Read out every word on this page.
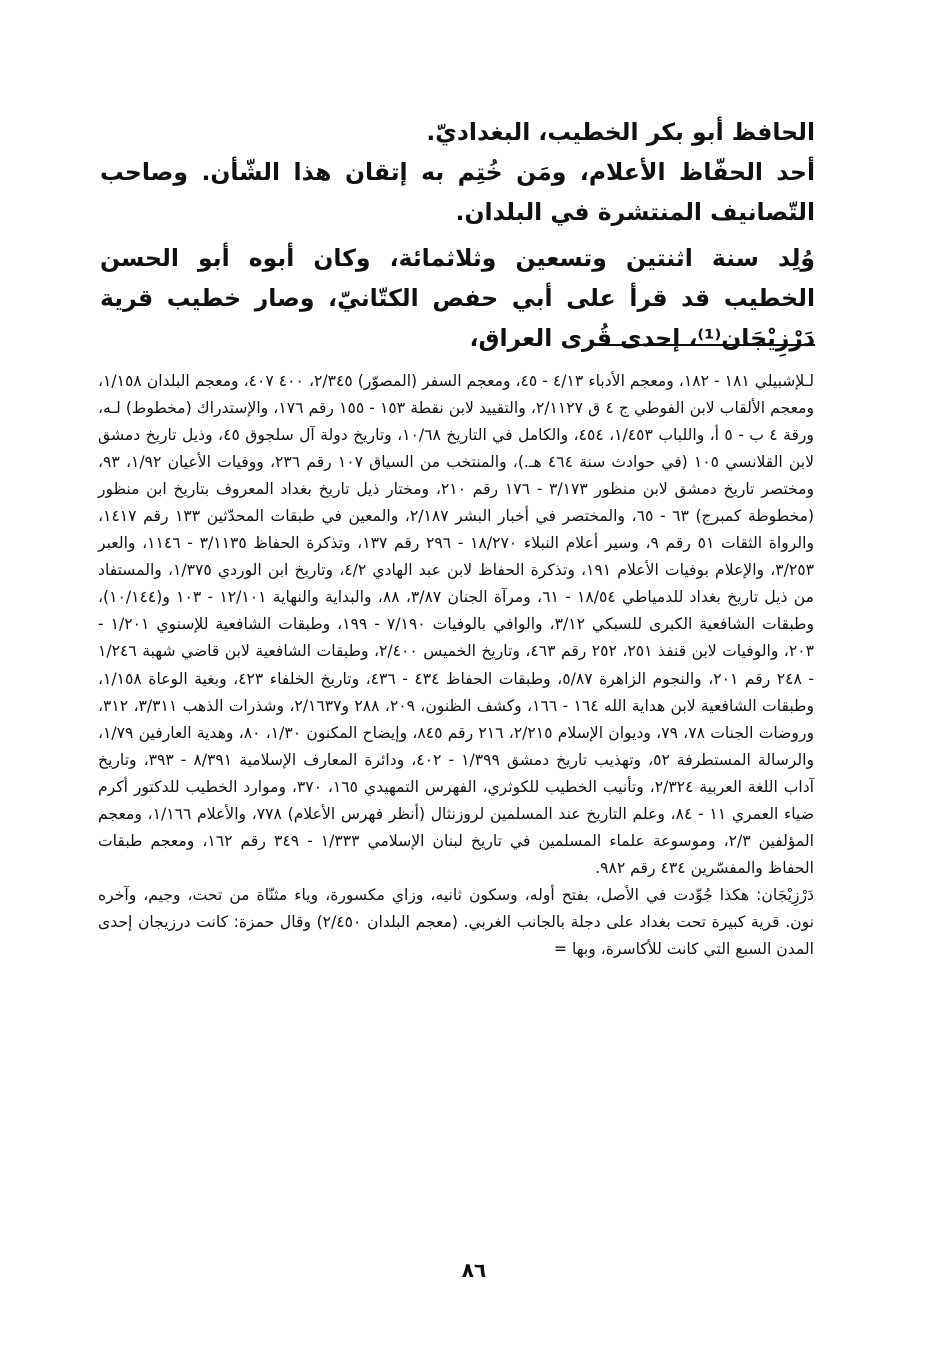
الحافظ أبو بكر الخطيب، البغداديّ.

أحد الحفّاظ الأعلام، ومَن خُتِم به إتقان هذا الشّأن. وصاحب التّصانيف المنتشرة في البلدان.

وُلِد سنة اثنتين وتسعين وثلاثمائة، وكان أبوه أبو الحسن الخطيب قد قرأ على أبي حفص الكتّانيّ، وصار خطيب قرية دَرْزِيْجَان⁽¹⁾، إحدى قُرى العراق،

لـلإشبيلي ١٨١ - ١٨٢، ومعجم الأدباء ٤/١٣ - ٤٥، ومعجم السفر (المصوّر) ٢/٣٤٥، ٤٠٠ ٤٠٧، ومعجم البلدان ١/١٥٨، ومعجم الألقاب لابن الفوطي ج ٤ ق ٢/١١٢٧، والتقييد لابن نقطة ١٥٣ - ١٥٥ رقم ١٧٦، والإستدراك (مخطوط) لـه، ورقة ٤ ب - ٥ أ، واللباب ١/٤٥٣، ٤٥٤، والكامل في التاريخ ١٠/٦٨، وتاريخ دولة آل سلجوق ٤٥، وذيل تاريخ دمشق لابن القلانسي ١٠٥ (في حوادث سنة ٤٦٤ هـ.)، والمنتخب من السياق ١٠٧ رقم ٢٣٦، ووفيات الأعيان ١/٩٢، ٩٣، ومختصر تاريخ دمشق لابن منظور ٣/١٧٣ - ١٧٦ رقم ٢١٠، ومختار ذيل تاريخ بغداد المعروف بتاريخ ابن منظور (مخطوطة كمبرج) ٦٣ - ٦٥، والمختصر في أخبار البشر ٢/١٨٧، والمعين في طبقات المحدّثين ١٣٣ رقم ١٤١٧، والرواة الثقات ٥١ رقم ٩، وسير أعلام النبلاء ١٨/٢٧٠ - ٢٩٦ رقم ١٣٧، وتذكرة الحفاظ ٣/١١٣٥ - ١١٤٦، والعبر ٣/٢٥٣، والإعلام بوفيات الأعلام ١٩١، وتذكرة الحفاظ لابن عبد الهادي ٤/٢، وتاريخ ابن الوردي ١/٣٧٥، والمستفاد من ذيل تاريخ بغداد للدمياطي ١٨/٥٤ - ٦١، ومرآة الجنان ٣/٨٧، ٨٨، والبداية والنهاية ١٢/١٠١ - ١٠٣ و(١٠/١٤٤)، وطبقات الشافعية الكبرى للسبكي ٣/١٢، والوافي بالوفيات ٧/١٩٠ - ١٩٩، وطبقات الشافعية للإسنوي ١/٢٠١ - ٢٠٣، والوفيات لابن قنفذ ٢٥١، ٢٥٢ رقم ٤٦٣، وتاريخ الخميس ٢/٤٠٠، وطبقات الشافعية لابن قاضي شهبة ١/٢٤٦ - ٢٤٨ رقم ٢٠١، والنجوم الزاهرة ٥/٨٧، وطبقات الحفاظ ٤٣٤ - ٤٣٦، وتاريخ الخلفاء ٤٢٣، وبغية الوعاة ١/١٥٨، وطبقات الشافعية لابن هداية الله ١٦٤ - ١٦٦، وكشف الظنون، ٢٠٩، ٢٨٨ و٢/١٦٣٧، وشذرات الذهب ٣/٣١١، ٣١٢، وروضات الجنات ٧٨، ٧٩، وديوان الإسلام ٢/٢١٥، ٢١٦ رقم ٨٤٥، وإيضاح المكنون ١/٣٠، ٨٠، وهدية العارفين ١/٧٩، والرسالة المستطرفة ٥٢، وتهذيب تاريخ دمشق ١/٣٩٩ - ٤٠٢، ودائرة المعارف الإسلامية ٨/٣٩١ - ٣٩٣، وتاريخ آداب اللغة العربية ٢/٣٢٤، وتأنيب الخطيب للكوثري، الفهرس التمهيدي ١٦٥، ٣٧٠، وموارد الخطيب للدكتور أكرم ضياء العمري ١١ - ٨٤، وعلم التاريخ عند المسلمين لروزنثال (أنظر فهرس الأعلام) ٧٧٨، والأعلام ١/١٦٦، ومعجم المؤلفين ٢/٣، وموسوعة علماء المسلمين في تاريخ لبنان الإسلامي ١/٣٣٣ - ٣٤٩ رقم ١٦٢، ومعجم طبقات الحفاظ والمفسّرين ٤٣٤ رقم ٩٨٢.

دَرْزِيْجَان: هكذا جُوِّدت في الأصل، بفتح أوله، وسكون ثانيه، وزاي مكسورة، وياء مثنّاة من تحت، وجيم، وآخره نون. قرية كبيرة تحت بغداد على دجلة بالجانب الغربي. (معجم البلدان ٢/٤٥٠) وقال حمزة: كانت درزيجان إحدى المدن السبع التي كانت للأكاسرة، وبها =

٨٦
